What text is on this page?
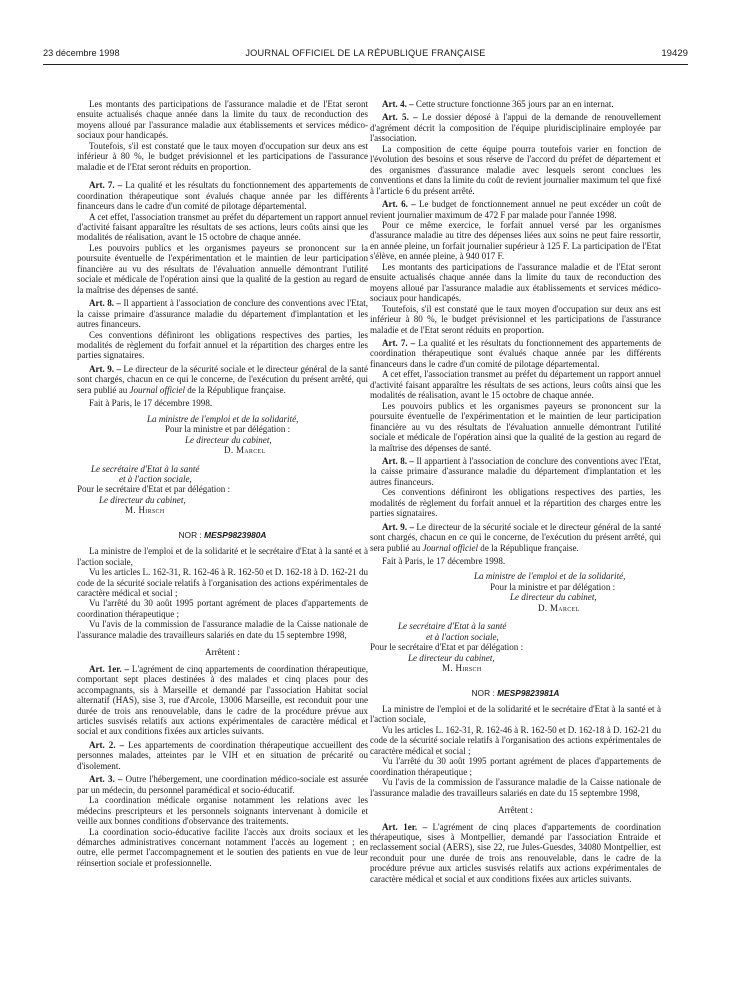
23 décembre 1998	JOURNAL OFFICIEL DE LA RÉPUBLIQUE FRANÇAISE	19429

Les montants des participations de l'assurance maladie et de l'Etat seront ensuite actualisés chaque année dans la limite du taux de reconduction des moyens alloué par l'assurance maladie aux établissements et services médico-sociaux pour handicapés.

Toutefois, s'il est constaté que le taux moyen d'occupation sur deux ans est inférieur à 80 %, le budget prévisionnel et les participations de l'assurance maladie et de l'Etat seront réduits en proportion.

Art. 7. – La qualité et les résultats du fonctionnement des appartements de coordination thérapeutique sont évalués chaque année par les différents financeurs dans le cadre d'un comité de pilotage départemental.

A cet effet, l'association transmet au préfet du département un rapport annuel d'activité faisant apparaître les résultats de ses actions, leurs coûts ainsi que les modalités de réalisation, avant le 15 octobre de chaque année.

Les pouvoirs publics et les organismes payeurs se prononcent sur la poursuite éventuelle de l'expérimentation et le maintien de leur participation financière au vu des résultats de l'évaluation annuelle démontrant l'utilité sociale et médicale de l'opération ainsi que la qualité de la gestion au regard de la maîtrise des dépenses de santé.

Art. 8. – Il appartient à l'association de conclure des conventions avec l'Etat, la caisse primaire d'assurance maladie du département d'implantation et les autres financeurs.

Ces conventions définiront les obligations respectives des parties, les modalités de règlement du forfait annuel et la répartition des charges entre les parties signataires.

Art. 9. – Le directeur de la sécurité sociale et le directeur général de la santé sont chargés, chacun en ce qui le concerne, de l'exécution du présent arrêté, qui sera publié au Journal officiel de la République française.

Fait à Paris, le 17 décembre 1998.

La ministre de l'emploi et de la solidarité,

Pour la ministre et par délégation :

Le directeur du cabinet,

D. Marcel

Le secrétaire d'Etat à la santé

et à l'action sociale,

Pour le secrétaire d'Etat et par délégation :

Le directeur du cabinet,

M. Hirsch

NOR : MESP9823980A

La ministre de l'emploi et de la solidarité et le secrétaire d'Etat à la santé et à l'action sociale,

Vu les articles L. 162-31, R. 162-46 à R. 162-50 et D. 162-18 à D. 162-21 du code de la sécurité sociale relatifs à l'organisation des actions expérimentales de caractère médical et social ;

Vu l'arrêté du 30 août 1995 portant agrément de places d'appartements de coordination thérapeutique ;

Vu l'avis de la commission de l'assurance maladie de la Caisse nationale de l'assurance maladie des travailleurs salariés en date du 15 septembre 1998,

Arrêtent :

Art. 1er. – L'agrément de cinq appartements de coordination thérapeutique, comportant sept places destinées à des malades et cinq places pour des accompagnants, sis à Marseille et demandé par l'association Habitat social alternatif (HAS), sise 3, rue d'Arcole, 13006 Marseille, est reconduit pour une durée de trois ans renouvelable, dans le cadre de la procédure prévue aux articles susvisés relatifs aux actions expérimentales de caractère médical et social et aux conditions fixées aux articles suivants.

Art. 2. – Les appartements de coordination thérapeutique accueillent des personnes malades, atteintes par le VIH et en situation de précarité ou d'isolement.

Art. 3. – Outre l'hébergement, une coordination médico-sociale est assurée par un médecin, du personnel paramédical et socio-éducatif.

La coordination médicale organise notamment les relations avec les médecins prescripteurs et les personnels soignants intervenant à domicile et veille aux bonnes conditions d'observance des traitements.

La coordination socio-éducative facilite l'accès aux droits sociaux et les démarches administratives concernant notamment l'accès au logement ; en outre, elle permet l'accompagnement et le soutien des patients en vue de leur réinsertion sociale et professionnelle.

Art. 4. – Cette structure fonctionne 365 jours par an en internat.

Art. 5. – Le dossier déposé à l'appui de la demande de renouvellement d'agrément décrit la composition de l'équipe pluridisciplinaire employée par l'association.

La composition de cette équipe pourra toutefois varier en fonction de l'évolution des besoins et sous réserve de l'accord du préfet de département et des organismes d'assurance maladie avec lesquels seront conclues les conventions et dans la limite du coût de revient journalier maximum tel que fixé à l'article 6 du présent arrêté.

Art. 6. – Le budget de fonctionnement annuel ne peut excéder un coût de revient journalier maximum de 472 F par malade pour l'année 1998.

Pour ce même exercice, le forfait annuel versé par les organismes d'assurance maladie au titre des dépenses liées aux soins ne peut faire ressortir, en année pleine, un forfait journalier supérieur à 125 F. La participation de l'Etat s'élève, en année pleine, à 940 017 F.

Les montants des participations de l'assurance maladie et de l'Etat seront ensuite actualisés chaque année dans la limite du taux de reconduction des moyens alloué par l'assurance maladie aux établissements et services médico-sociaux pour handicapés.

Toutefois, s'il est constaté que le taux moyen d'occupation sur deux ans est inférieur à 80 %, le budget prévisionnel et les participations de l'assurance maladie et de l'Etat seront réduits en proportion.

Art. 7. – La qualité et les résultats du fonctionnement des appartements de coordination thérapeutique sont évalués chaque année par les différents financeurs dans le cadre d'un comité de pilotage départemental.

A cet effet, l'association transmet au préfet du département un rapport annuel d'activité faisant apparaître les résultats de ses actions, leurs coûts ainsi que les modalités de réalisation, avant le 15 octobre de chaque année.

Les pouvoirs publics et les organismes payeurs se prononcent sur la poursuite éventuelle de l'expérimentation et le maintien de leur participation financière au vu des résultats de l'évaluation annuelle démontrant l'utilité sociale et médicale de l'opération ainsi que la qualité de la gestion au regard de la maîtrise des dépenses de santé.

Art. 8. – Il appartient à l'association de conclure des conventions avec l'Etat, la caisse primaire d'assurance maladie du département d'implantation et les autres financeurs.

Ces conventions définiront les obligations respectives des parties, les modalités de règlement du forfait annuel et la répartition des charges entre les parties signataires.

Art. 9. – Le directeur de la sécurité sociale et le directeur général de la santé sont chargés, chacun en ce qui le concerne, de l'exécution du présent arrêté, qui sera publié au Journal officiel de la République française.

Fait à Paris, le 17 décembre 1998.

La ministre de l'emploi et de la solidarité,

Pour la ministre et par délégation :

Le directeur du cabinet,

D. Marcel

Le secrétaire d'Etat à la santé

et à l'action sociale,

Pour le secrétaire d'Etat et par délégation :

Le directeur du cabinet,

M. Hirsch

NOR : MESP9823981A

La ministre de l'emploi et de la solidarité et le secrétaire d'Etat à la santé et à l'action sociale,

Vu les articles L. 162-31, R. 162-46 à R. 162-50 et D. 162-18 à D. 162-21 du code de la sécurité sociale relatifs à l'organisation des actions expérimentales de caractère médical et social ;

Vu l'arrêté du 30 août 1995 portant agrément de places d'appartements de coordination thérapeutique ;

Vu l'avis de la commission de l'assurance maladie de la Caisse nationale de l'assurance maladie des travailleurs salariés en date du 15 septembre 1998,

Arrêtent :

Art. 1er. – L'agrément de cinq places d'appartements de coordination thérapeutique, sises à Montpellier, demandé par l'association Entraide et reclassement social (AERS), sise 22, rue Jules-Guesdes, 34080 Montpellier, est reconduit pour une durée de trois ans renouvelable, dans le cadre de la procédure prévue aux articles susvisés relatifs aux actions expérimentales de caractère médical et social et aux conditions fixées aux articles suivants.
